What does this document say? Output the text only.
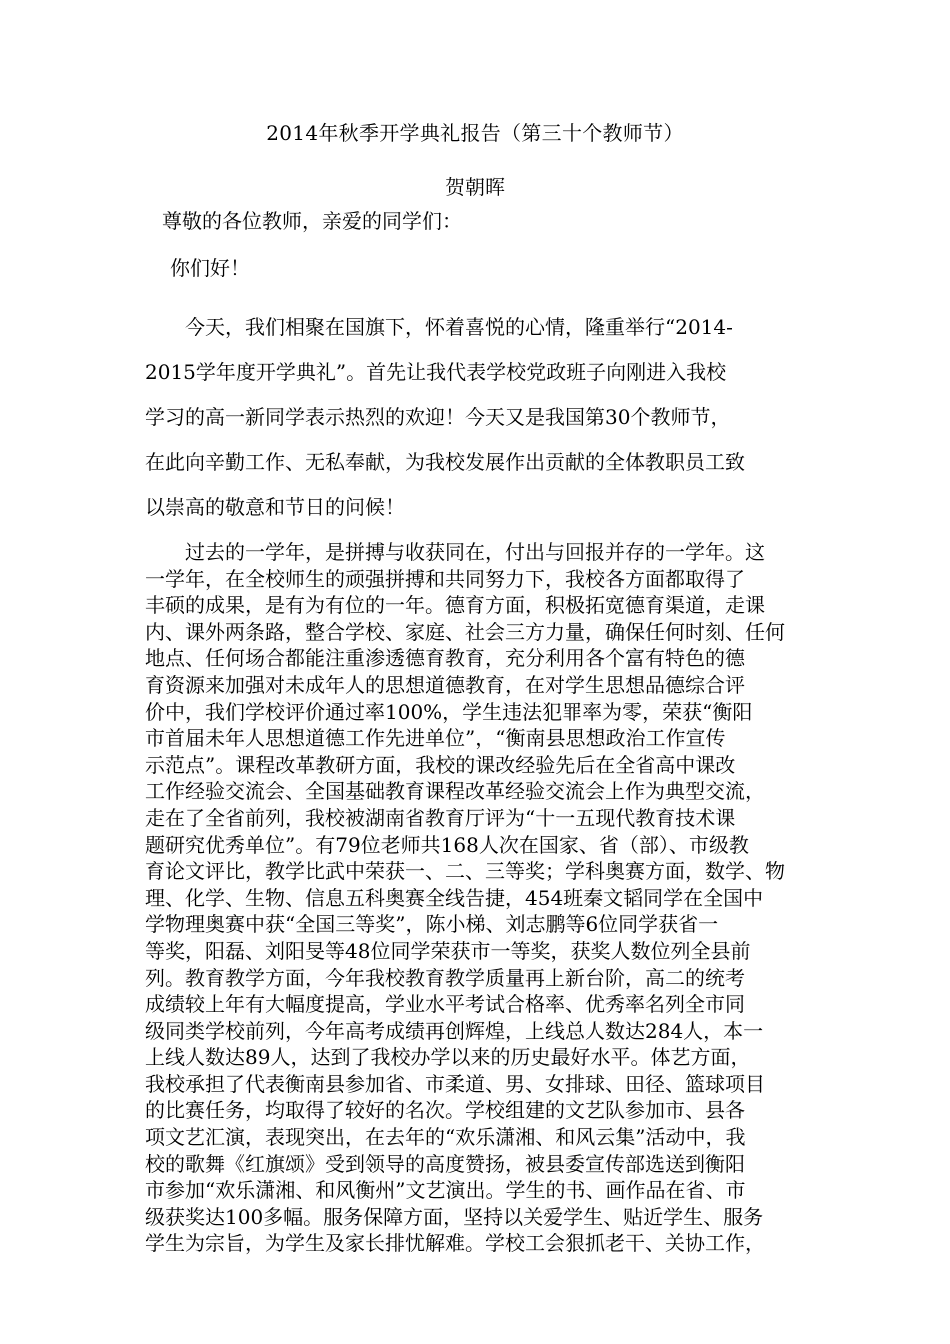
2014年秋季开学典礼报告（第三十个教师节）
贺朝晖
尊敬的各位教师，亲爱的同学们：
你们好！
　　今天，我们相聚在国旗下，怀着喜悦的心情，隆重举行“2014-
2015学年度开学典礼”。首先让我代表学校党政班子向刚进入我校
学习的高一新同学表示热烈的欢迎！今天又是我国第30个教师节，
在此向辛勤工作、无私奉献，为我校发展作出贡献的全体教职员工致
以崇高的敬意和节日的问候！
　　过去的一学年，是拼搏与收获同在，付出与回报并存的一学年。这
一学年，在全校师生的顽强拼搏和共同努力下，我校各方面都取得了
丰硕的成果，是有为有位的一年。德育方面，积极拓宽德育渠道，走课
内、课外两条路，整合学校、家庭、社会三方力量，确保任何时刻、任何
地点、任何场合都能注重渗透德育教育，充分利用各个富有特色的德
育资源来加强对未成年人的思想道德教育，在对学生思想品德综合评
价中，我们学校评价通过率100%，学生违法犯罪率为零，荣获“衡阳
市首届未年人思想道德工作先进单位”，“衡南县思想政治工作宣传
示范点”。课程改革教研方面，我校的课改经验先后在全省高中课改
工作经验交流会、全国基础教育课程改革经验交流会上作为典型交流，
走在了全省前列，我校被湖南省教育厅评为“十一五现代教育技术课
题研究优秀单位”。有79位老师共168人次在国家、省（部）、市级教
育论文评比，教学比武中荣获一、二、三等奖；学科奥赛方面，数学、物
理、化学、生物、信息五科奥赛全线告捷，454班秦文韬同学在全国中
学物理奥赛中获“全国三等奖”，陈小梯、刘志鹏等6位同学获省一
等奖，阳磊、刘阳旻等48位同学荣获市一等奖，获奖人数位列全县前
列。教育教学方面，今年我校教育教学质量再上新台阶，高二的统考
成绩较上年有大幅度提高，学业水平考试合格率、优秀率名列全市同
级同类学校前列，今年高考成绩再创辉煌，上线总人数达284人，本一
上线人数达89人，达到了我校办学以来的历史最好水平。体艺方面，
我校承担了代表衡南县参加省、市柔道、男、女排球、田径、篮球项目
的比赛任务，均取得了较好的名次。学校组建的文艺队参加市、县各
项文艺汇演，表现突出，在去年的“欢乐潇湘、和风云集”活动中，我
校的歌舞《红旗颂》受到领导的高度赞扬，被县委宣传部选送到衡阳
市参加“欢乐潇湘、和风衡州”文艺演出。学生的书、画作品在省、市
级获奖达100多幅。服务保障方面，坚持以关爱学生、贴近学生、服务
学生为宗旨，为学生及家长排忧解难。学校工会狠抓老干、关协工作，
